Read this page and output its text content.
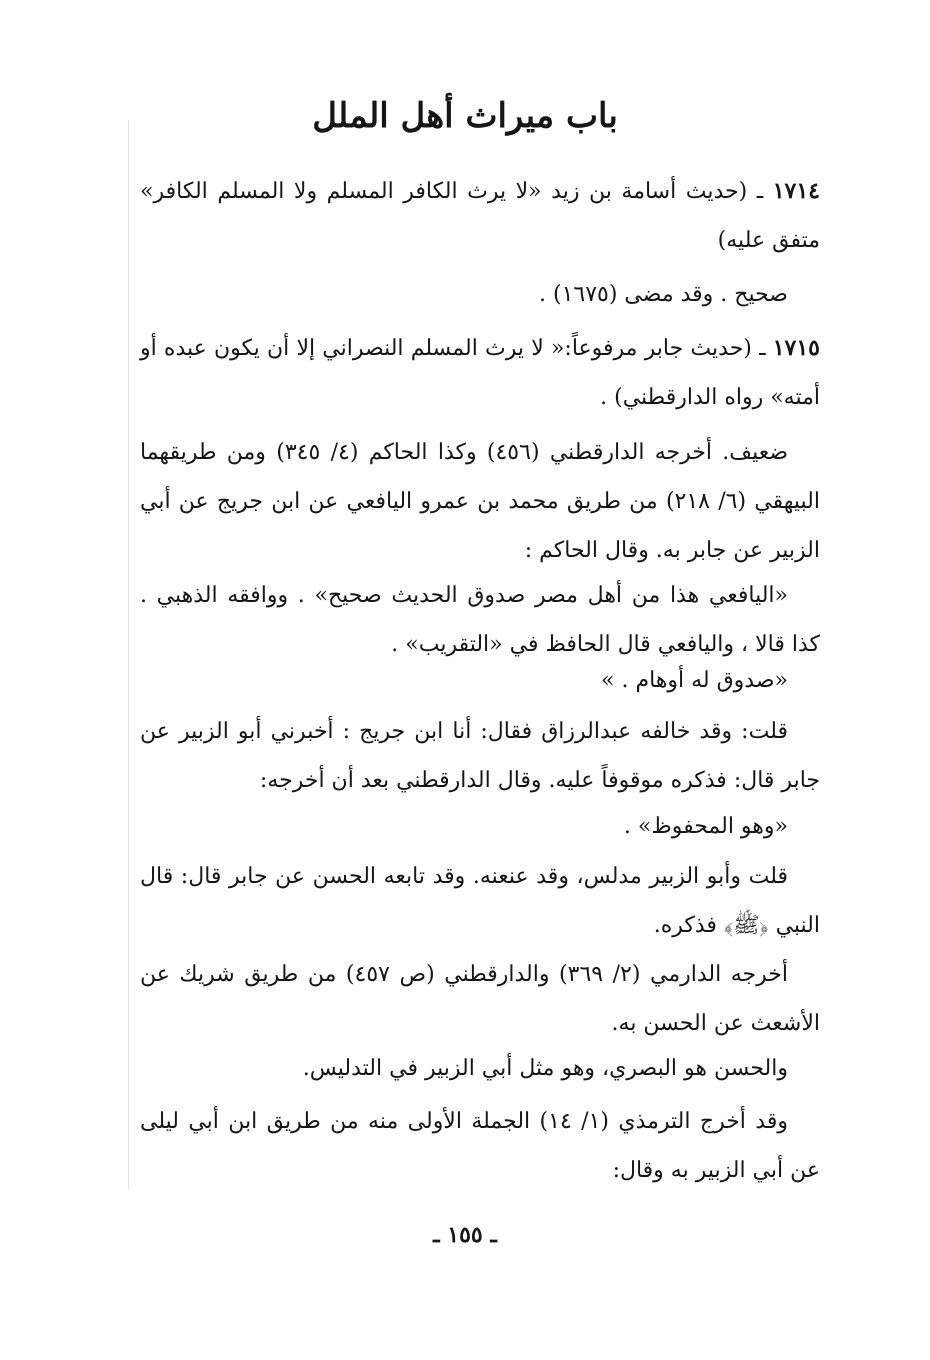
باب ميراث أهل الملل
١٧١٤ ـ (حديث أسامة بن زيد «لا يرث الكافر المسلم ولا المسلم الكافر» متفق عليه)
صحيح . وقد مضى (١٦٧٥) .
١٧١٥ ـ (حديث جابر مرفوعاً:« لا يرث المسلم النصراني إلا أن يكون عبده أو أمته» رواه الدارقطني) .
ضعيف. أخرجه الدارقطني (٤٥٦) وكذا الحاكم (٤/ ٣٤٥) ومن طريقهما البيهقي (٦/ ٢١٨) من طريق محمد بن عمرو اليافعي عن ابن جريج عن أبي الزبير عن جابر به. وقال الحاكم :
«اليافعي هذا من أهل مصر صدوق الحديث صحيح» . ووافقه الذهبي . كذا قالا ، واليافعي قال الحافظ في «التقريب» .
«صدوق له أوهام . »
قلت: وقد خالفه عبدالرزاق فقال: أنا ابن جريج : أخبرني أبو الزبير عن جابر قال: فذكره موقوفاً عليه. وقال الدارقطني بعد أن أخرجه:
«وهو المحفوظ» .
قلت وأبو الزبير مدلس، وقد عنعنه. وقد تابعه الحسن عن جابر قال: قال النبي ﴿ﷺ﴾ فذكره.
أخرجه الدارمي (٢/ ٣٦٩) والدارقطني (ص ٤٥٧) من طريق شريك عن الأشعث عن الحسن به.
والحسن هو البصري، وهو مثل أبي الزبير في التدليس.
وقد أخرج الترمذي (١/ ١٤) الجملة الأولى منه من طريق ابن أبي ليلى عن أبي الزبير به وقال:
ـ ١٥٥ ـ
